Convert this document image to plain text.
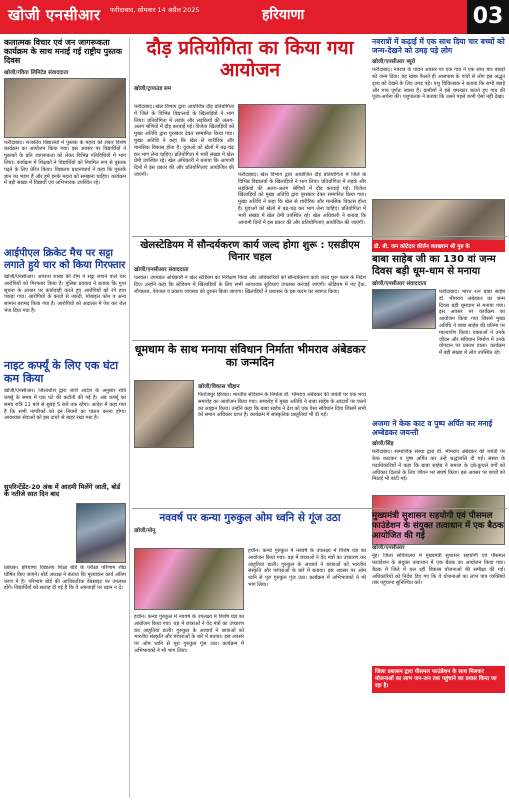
खोजी एनसीआर फरीदाबाद, सोमवार 14 अप्रैल 2025	हरियाणा	03
कलात्मक विचार एवं जन जागरूकता कार्यक्रम के साथ मनाई गई राष्ट्रीय पुस्तक दिवस
खोजी/रविता लिमिटेड संवाददाता
फरीदाबाद। राजकीय विद्यालयों में पुस्तक के महत्व को लेकर विशेष कार्यक्रम का आयोजन किया गया। इस अवसर पर विद्यार्थियों ने पुस्तकों के प्रति जागरूकता को लेकर विभिन्न गतिविधियों में भाग लिया। कार्यक्रम में शिक्षकों ने विद्यार्थियों को नियमित रूप से पुस्तक पढ़ने के लिए प्रेरित किया। विद्यालय प्रधानाचार्य ने कहा कि पुस्तकें ज्ञान का भंडार हैं और हमें इनके महत्व को समझना चाहिए। कार्यक्रम में बड़ी संख्या में विद्यार्थी एवं अभिभावक उपस्थित रहे।
आईपीएल क्रिकेट मैच पर सट्टा लगाते हुये चार को किया गिरफ्तार
खोजी/एनसीआर। अपराध शाखा की टीम ने सट्टा लगाने वाले चार आरोपियों को गिरफ्तार किया है। पुलिस प्रवक्ता ने बताया कि गुप्त सूचना के आधार पर कार्यवाही करते हुए आरोपियों को रंगे हाथ पकड़ा गया। आरोपियों के कब्जे से नकदी, मोबाइल फोन व अन्य सामान बरामद किया गया है। आरोपियों को अदालत में पेश कर जेल भेज दिया गया है।
नाइट कर्फ्यूं के लिए एक घंटा कम किया
खोजी/एनसीआर। जिलाधीश द्वारा जारी आदेश के अनुसार रात्रि कर्फ्यू के समय में एक घंटे की कटौती की गई है। अब कर्फ्यू का समय रात्रि 11 बजे से सुबह 5 बजे तक रहेगा। आदेश में कहा गया है कि सभी नागरिकों को इन नियमों का पालन करना होगा। आवश्यक सेवाओं को इस दायरे से बाहर रखा गया है।
सुपरिन्टेंडेंट-20 अंक में आदमी मिलेंगे जाती, बोर्ड के नतीजे सात दिन बाद
प्रबंधक। हरियाणा विद्यालय शिक्षा बोर्ड के परीक्षा परिणाम शीघ्र घोषित किए जाएंगे। बोर्ड अध्यक्ष ने बताया कि मूल्यांकन कार्य अंतिम चरण में है। परिणाम बोर्ड की आधिकारिक वेबसाइट पर उपलब्ध होंगे। विद्यार्थियों को सलाह दी गई है कि वे अफवाहों पर ध्यान न दें।
दौड़ प्रतियोगिता का किया गया आयोजन
खोजी/ट्रापाउंड सम
फरीदाबाद। खेल विभाग द्वारा आयोजित दौड़ प्रतियोगिता में जिले के विभिन्न विद्यालयों के खिलाड़ियों ने भाग लिया। प्रतियोगिता में लड़के और लड़कियों की अलग-अलग श्रेणियों में दौड़ करवाई गई। विजेता खिलाड़ियों को मुख्य अतिथि द्वारा पुरस्कार देकर सम्मानित किया गया। मुख्य अतिथि ने कहा कि खेल से शारीरिक और मानसिक विकास होता है। युवाओं को खेलों में बढ़-चढ़ कर भाग लेना चाहिए। प्रतियोगिता में भारी संख्या में खेल प्रेमी उपस्थित रहे। खेल अधिकारी ने बताया कि आगामी दिनों में इस प्रकार की और प्रतियोगिताएं आयोजित की जाएंगी।	फरीदाबाद। खेल विभाग द्वारा आयोजित दौड़ प्रतियोगिता में जिले के विभिन्न विद्यालयों के खिलाड़ियों ने भाग लिया। प्रतियोगिता में लड़के और लड़कियों की अलग-अलग श्रेणियों में दौड़ करवाई गई। विजेता खिलाड़ियों को मुख्य अतिथि द्वारा पुरस्कार देकर सम्मानित किया गया। मुख्य अतिथि ने कहा कि खेल से शारीरिक और मानसिक विकास होता है। युवाओं को खेलों में बढ़-चढ़ कर भाग लेना चाहिए। प्रतियोगिता में भारी संख्या में खेल प्रेमी उपस्थित रहे। खेल अधिकारी ने बताया कि आगामी दिनों में इस प्रकार की और प्रतियोगिताएं आयोजित की जाएंगी।
नवरात्रों में कढ़ाई में एक साथ दिया चार बच्चों को जन्म-देखने को उमड़ पड़े लोग
खोजी/एनसीआर ब्यूरो
फरीदाबाद। नवरात्र के पावन अवसर पर एक गाय ने एक साथ चार बछड़ों को जन्म दिया। यह खबर फैलते ही आसपास के गांवों से लोग इस अद्भुत दृश्य को देखने के लिए उमड़ पड़े। पशु चिकित्सक ने बताया कि सभी बछड़े और गाय पूर्णतः स्वस्थ हैं। ग्रामीणों ने इसे चमत्कार बताते हुए गाय की पूजा-अर्चना की। पशुपालक ने बताया कि उसने पहले कभी ऐसा नहीं देखा।
खेलस्टेडियम में सौन्दर्यकरण कार्य जल्द होगा शुरू : एसडीएम चिनार चहल
खोजी/एनसीआर संवाददाता
पलवल। उपमंडल अधिकारी ने खेल स्टेडियम का निरीक्षण किया और अधिकारियों को सौन्दर्यकरण कार्य जल्द शुरू करने के निर्देश दिए। उन्होंने कहा कि स्टेडियम में खिलाड़ियों के लिए सभी आवश्यक सुविधाएं उपलब्ध करवाई जाएंगी। स्टेडियम में नए ट्रैक, शौचालय, पेयजल व प्रकाश व्यवस्था को दुरुस्त किया जाएगा। खिलाड़ियों ने प्रशासन के इस कदम का स्वागत किया।
डी. बी. जन कोटेदार कीर्तन व्याख्यान श्री गुरु के
बाबा साहेब जी का 130 वां जन्म दिवस बड़ी धूम-धाम से मनाया
खोजी/एनसीआर संवाददाता
फरीदाबाद। भारत रत्न बाबा साहेब डॉ. भीमराव अंबेडकर का जन्म दिवस बड़ी धूमधाम से मनाया गया। इस अवसर पर कार्यक्रम का आयोजन किया गया जिसमें मुख्य अतिथि ने बाबा साहेब की प्रतिमा पर माल्यार्पण किया। वक्ताओं ने उनके जीवन और संविधान निर्माण में उनके योगदान पर प्रकाश डाला। कार्यक्रम में बड़ी संख्या में लोग उपस्थित रहे।
अजमा ने केक काट व पुष्प अर्पित कर मनाई अम्बेडकर जयन्ती
खोजी/सिंह
फरीदाबाद। सामाजिक संस्था द्वारा डॉ. भीमराव अंबेडकर की जयंती पर केक काटकर व पुष्प अर्पित कर उन्हें श्रद्धांजलि दी गई। संस्था के पदाधिकारियों ने कहा कि बाबा साहेब ने समाज के दबे-कुचले वर्गों को अधिकार दिलाने के लिए जीवन भर संघर्ष किया। इस अवसर पर बच्चों को मिठाई भी बांटी गई।
धूमधाम के साथ मनाया संविधान निर्माता भीमराव अंबेडकर का जन्मदिन
खोजी/विकास चौहान
फिरोजपुर झिरका। भारतीय संविधान के निर्माता डॉ. भीमराव अंबेडकर की जयंती पर एक भव्य समारोह का आयोजन किया गया। समारोह में मुख्य अतिथि ने बाबा साहेब के आदर्शों पर चलने का आह्वान किया। उन्होंने कहा कि बाबा साहेब ने देश को एक ऐसा संविधान दिया जिसमें सभी को समान अधिकार प्राप्त हैं। कार्यक्रम में सांस्कृतिक प्रस्तुतियां भी दी गईं।
नववर्ष पर कन्या गुरुकुल ओम ध्वनि से गूंज उठा
खोजी/मोनू
हथीन। कन्या गुरुकुल में नववर्ष के उपलक्ष्य में विशेष यज्ञ का आयोजन किया गया। यज्ञ में छात्राओं ने वेद मंत्रों का उच्चारण कर आहुतियां डालीं। गुरुकुल के आचार्य ने छात्राओं को भारतीय संस्कृति और परंपराओं के बारे में बताया। इस अवसर पर ओम ध्वनि से पूरा गुरुकुल गूंज उठा। कार्यक्रम में अभिभावकों ने भी भाग लिया।
हथीन। कन्या गुरुकुल में नववर्ष के उपलक्ष्य में विशेष यज्ञ का आयोजन किया गया। यज्ञ में छात्राओं ने वेद मंत्रों का उच्चारण कर आहुतियां डालीं। गुरुकुल के आचार्य ने छात्राओं को भारतीय संस्कृति और परंपराओं के बारे में बताया। इस अवसर पर ओम ध्वनि से पूरा गुरुकुल गूंज उठा। कार्यक्रम में अभिभावकों ने भी भाग लिया।
मुख्यमंत्री सुशासन सहयोगी एवं पीसमल फाउंडेशन के संयुक्त तत्वाधान में एक बैठक आयोजित की गई
खोजी/एनसीआर
नूंह। जिला सचिवालय में मुख्यमंत्री सुशासन सहयोगी एवं पीसमल फाउंडेशन के संयुक्त तत्वाधान में एक बैठक का आयोजन किया गया। बैठक में जिले में चल रही विकास योजनाओं की समीक्षा की गई। अधिकारियों को निर्देश दिए गए कि वे योजनाओं का लाभ पात्र व्यक्तियों तक पहुंचाना सुनिश्चित करें।
जिला प्रशासन द्वारा पीसमल फाउंडेशन के साथ मिलकर योजनाओं का लाभ जन-जन तक पहुंचाने का प्रयास किया जा रहा है।
